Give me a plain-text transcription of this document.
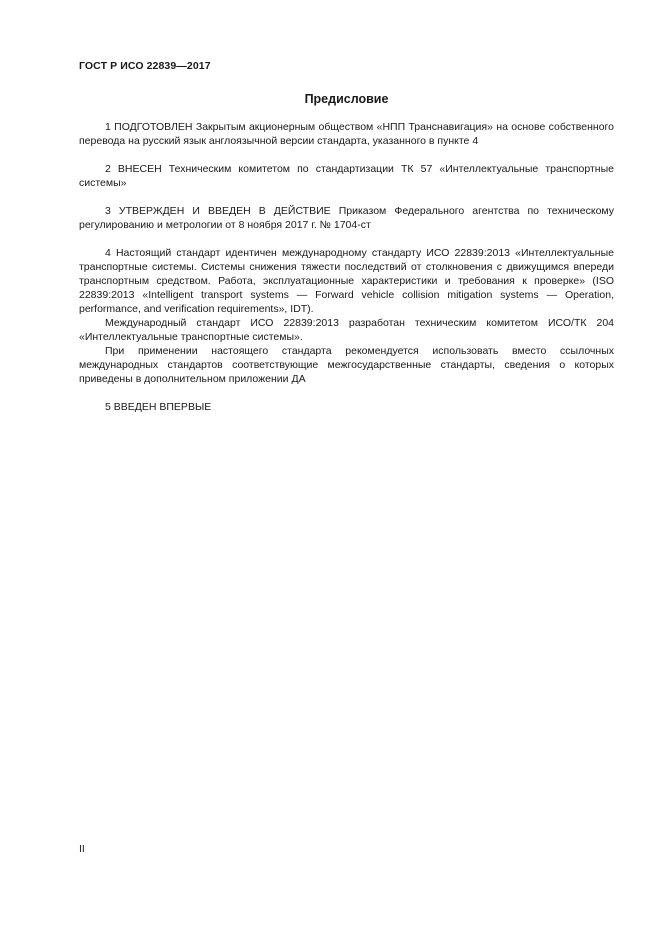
ГОСТ Р ИСО 22839—2017
Предисловие

1 ПОДГОТОВЛЕН Закрытым акционерным обществом «НПП Транснавигация» на основе собственного перевода на русский язык англоязычной версии стандарта, указанного в пункте 4

2 ВНЕСЕН Техническим комитетом по стандартизации ТК 57 «Интеллектуальные транспортные системы»

3 УТВЕРЖДЕН И ВВЕДЕН В ДЕЙСТВИЕ Приказом Федерального агентства по техническому регулированию и метрологии от 8 ноября 2017 г. № 1704-ст

4 Настоящий стандарт идентичен международному стандарту ИСО 22839:2013 «Интеллектуальные транспортные системы. Системы снижения тяжести последствий от столкновения с движущимся впереди транспортным средством. Работа, эксплуатационные характеристики и требования к проверке» (ISO 22839:2013 «Intelligent transport systems — Forward vehicle collision mitigation systems — Operation, performance, and verification requirements», IDT).

Международный стандарт ИСО 22839:2013 разработан техническим комитетом ИСО/ТК 204 «Интеллектуальные транспортные системы».

При применении настоящего стандарта рекомендуется использовать вместо ссылочных международных стандартов соответствующие межгосударственные стандарты, сведения о которых приведены в дополнительном приложении ДА

5 ВВЕДЕН ВПЕРВЫЕ

II
